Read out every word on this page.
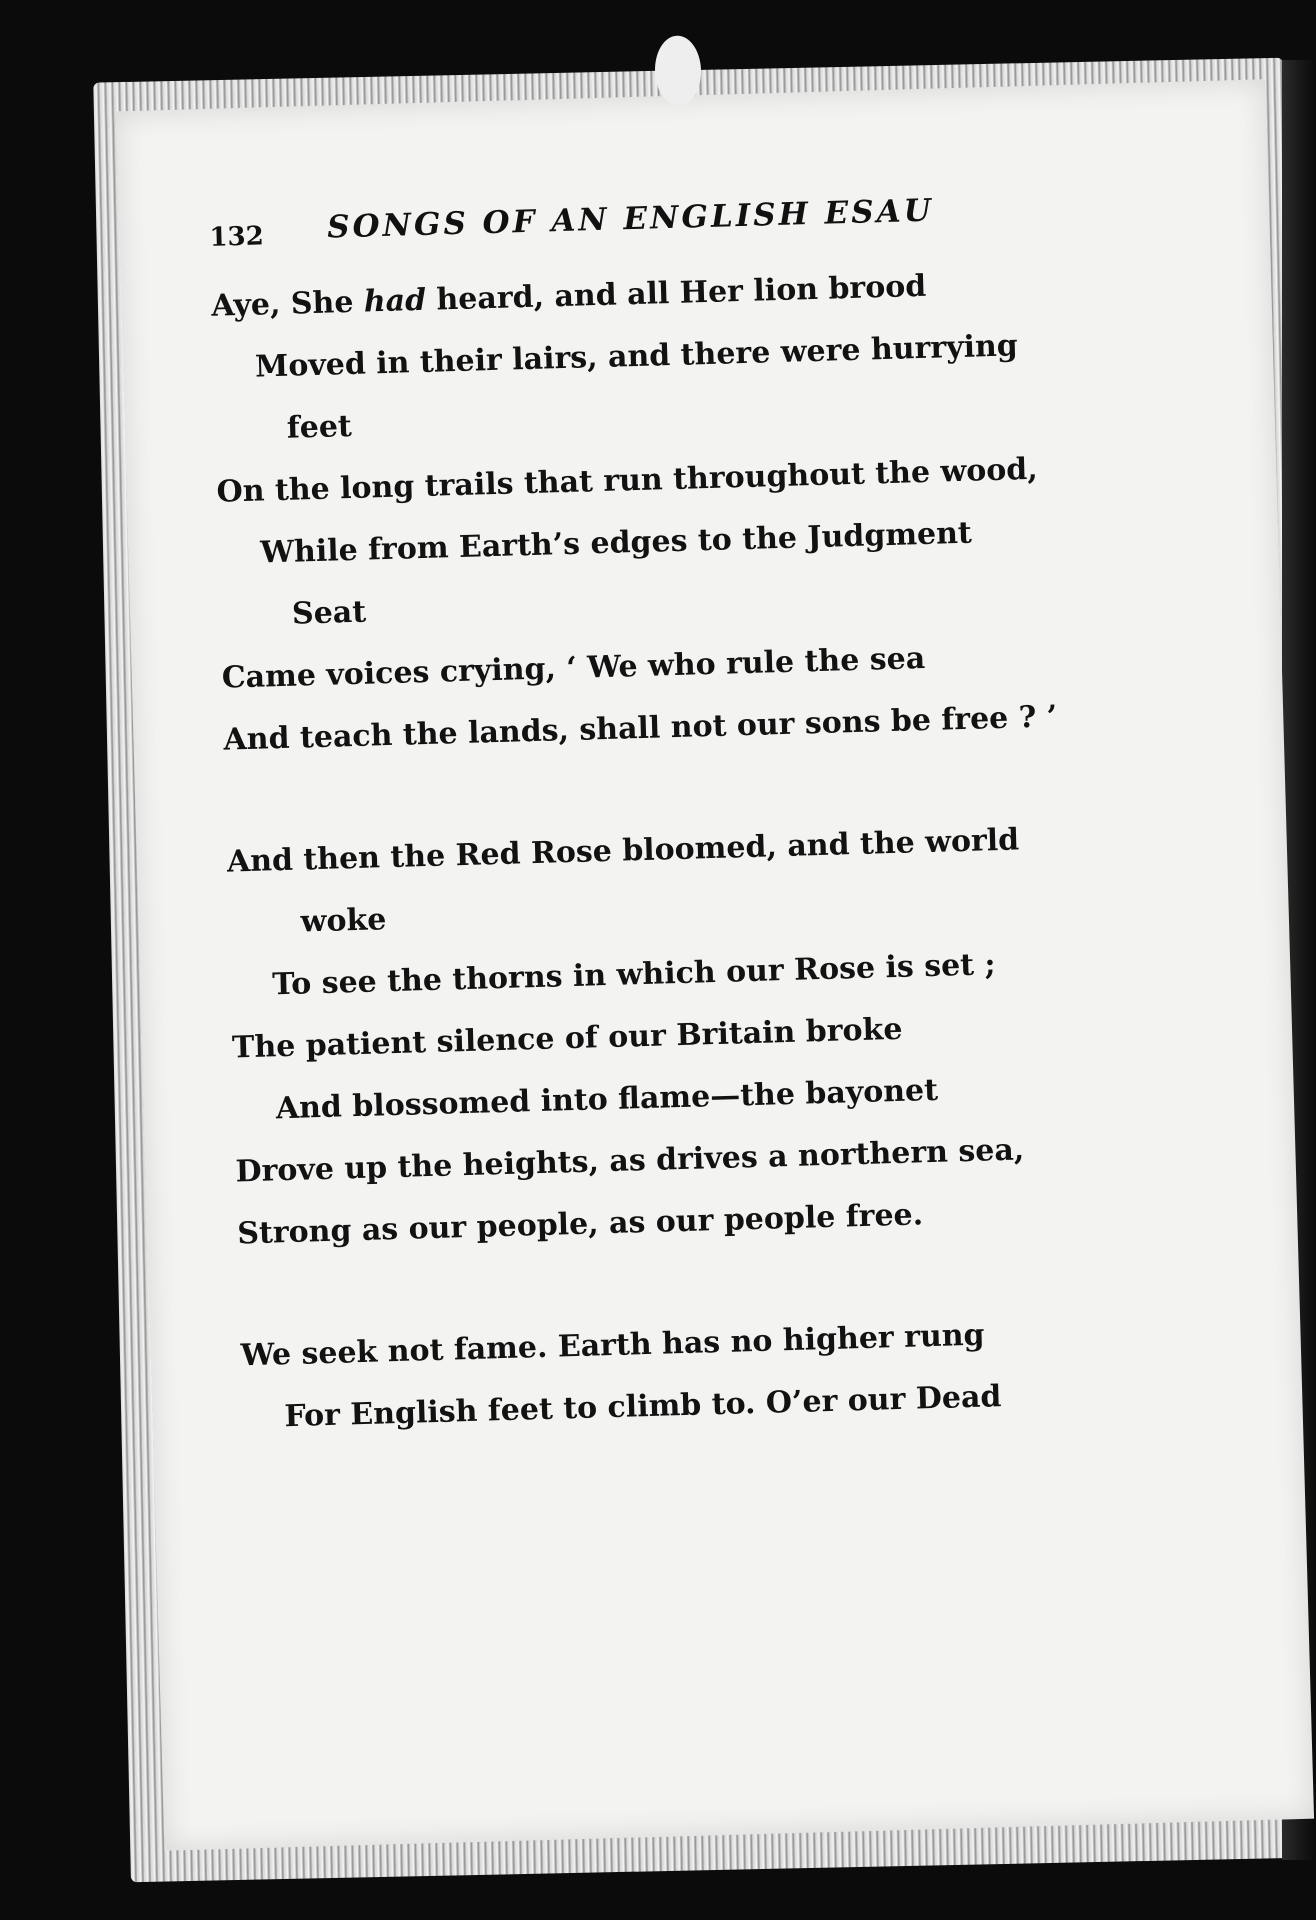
132 SONGS OF AN ENGLISH ESAU
Aye, She had heard, and all Her lion brood
Moved in their lairs, and there were hurrying
feet
On the long trails that run throughout the wood,
While from Earth’s edges to the Judgment
Seat
Came voices crying, ‘ We who rule the sea
And teach the lands, shall not our sons be free ? ’
And then the Red Rose bloomed, and the world
woke
To see the thorns in which our Rose is set ;
The patient silence of our Britain broke
And blossomed into flame—the bayonet
Drove up the heights, as drives a northern sea,
Strong as our people, as our people free.
We seek not fame. Earth has no higher rung
For English feet to climb to. O’er our Dead
